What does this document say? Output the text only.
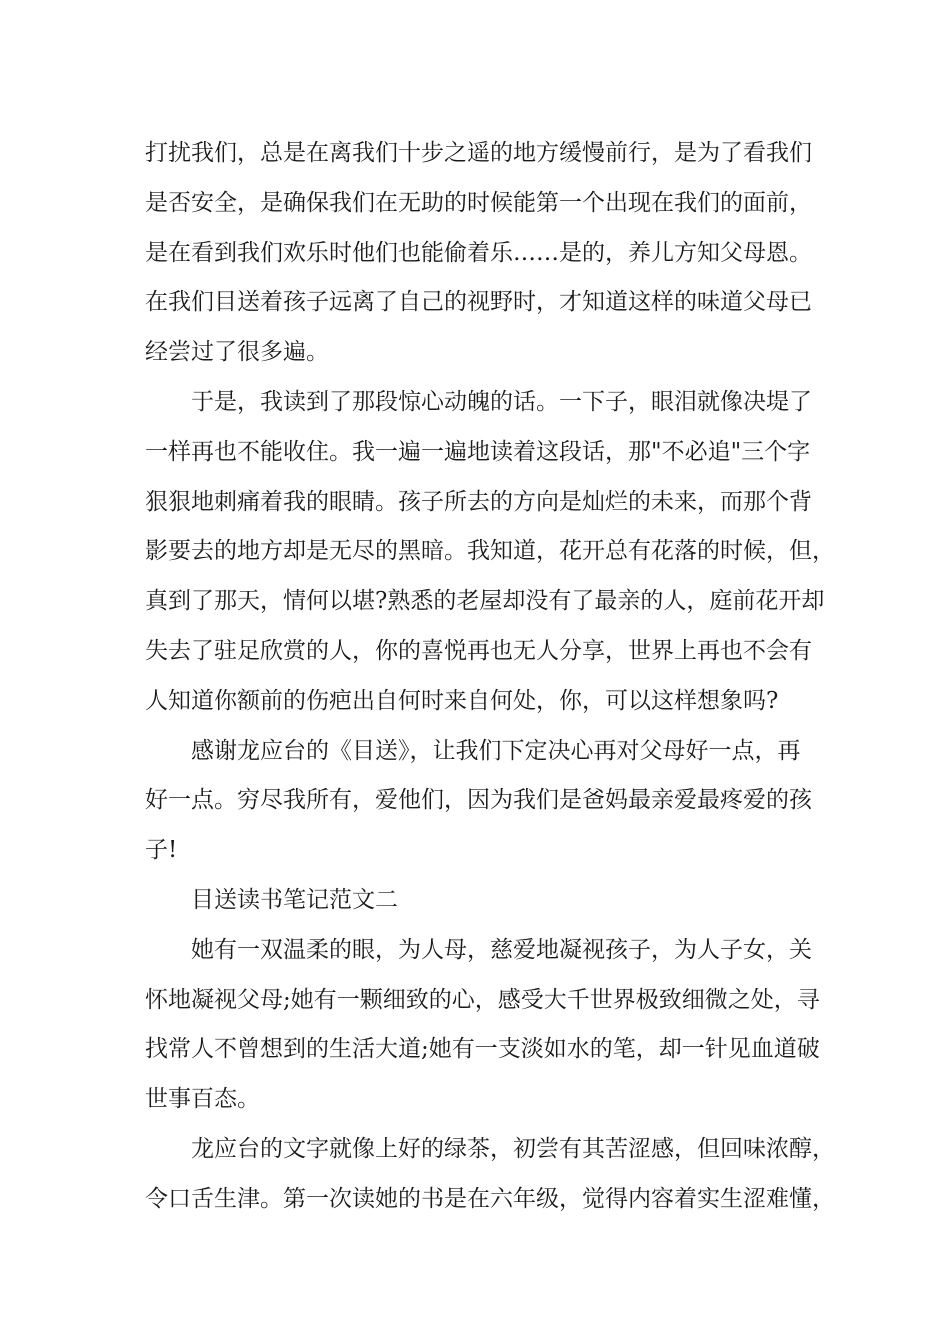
打扰我们，总是在离我们十步之遥的地方缓慢前行，是为了看我们
是否安全，是确保我们在无助的时候能第一个出现在我们的面前，
是在看到我们欢乐时他们也能偷着乐……是的，养儿方知父母恩。
在我们目送着孩子远离了自己的视野时，才知道这样的味道父母已
经尝过了很多遍。
于是，我读到了那段惊心动魄的话。一下子，眼泪就像决堤了
一样再也不能收住。我一遍一遍地读着这段话，那"不必追"三个字
狠狠地刺痛着我的眼睛。孩子所去的方向是灿烂的未来，而那个背
影要去的地方却是无尽的黑暗。我知道，花开总有花落的时候，但，
真到了那天，情何以堪?熟悉的老屋却没有了最亲的人，庭前花开却
失去了驻足欣赏的人，你的喜悦再也无人分享，世界上再也不会有
人知道你额前的伤疤出自何时来自何处，你，可以这样想象吗?
感谢龙应台的《目送》，让我们下定决心再对父母好一点，再
好一点。穷尽我所有，爱他们，因为我们是爸妈最亲爱最疼爱的孩
子!
目送读书笔记范文二
她有一双温柔的眼，为人母，慈爱地凝视孩子，为人子女，关
怀地凝视父母;她有一颗细致的心，感受大千世界极致细微之处，寻
找常人不曾想到的生活大道;她有一支淡如水的笔，却一针见血道破
世事百态。
龙应台的文字就像上好的绿茶，初尝有其苦涩感，但回味浓醇，
令口舌生津。第一次读她的书是在六年级，觉得内容着实生涩难懂，
